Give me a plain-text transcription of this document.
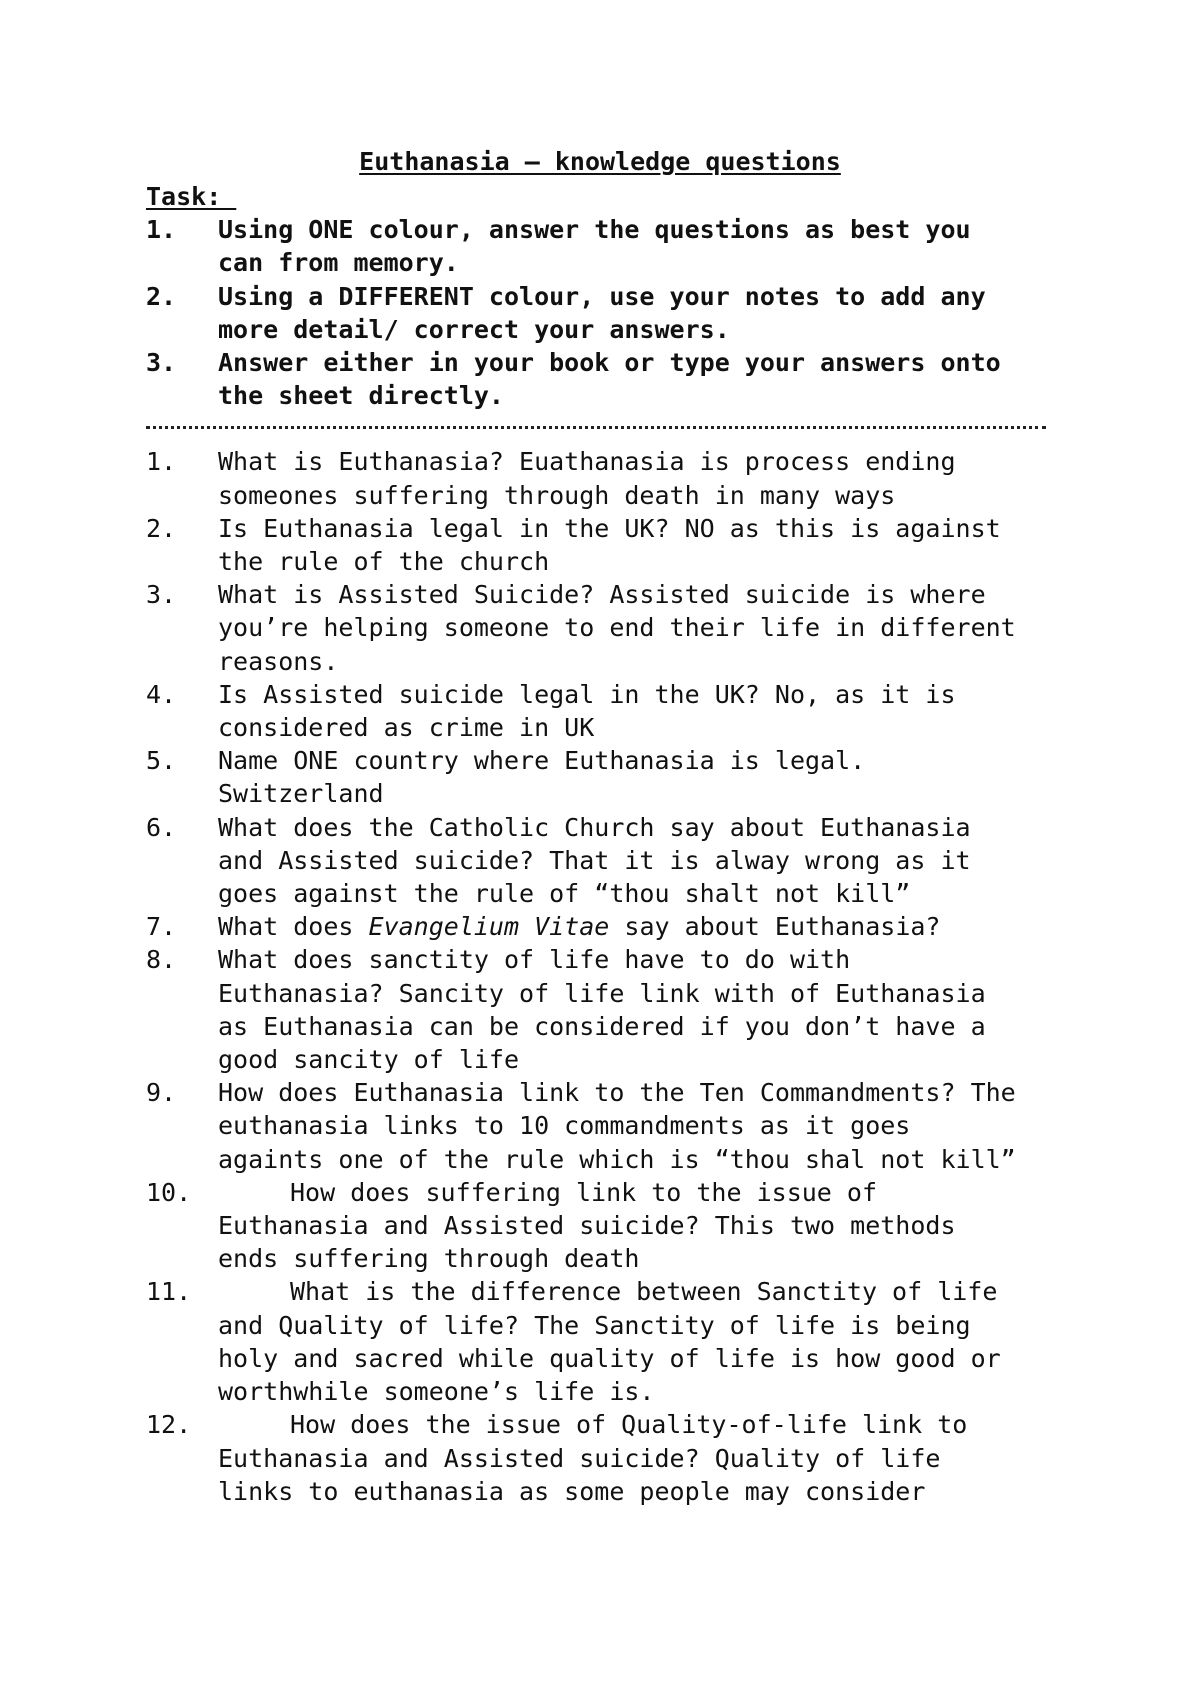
Euthanasia – knowledge questions
Task:
1.	Using ONE colour, answer the questions as best you
can from memory.
2.	Using a DIFFERENT colour, use your notes to add any
more detail/ correct your answers.
3.	Answer either in your book or type your answers onto
the sheet directly.
1.	What is Euthanasia? Euathanasia is process ending
someones suffering through death in many ways
2.	Is Euthanasia legal in the UK? NO as this is against
the rule of the church
3.	What is Assisted Suicide? Assisted suicide is where
you’re helping someone to end their life in different
reasons.
4.	Is Assisted suicide legal in the UK? No, as it is
considered as crime in UK
5.	Name ONE country where Euthanasia is legal.
Switzerland
6.	What does the Catholic Church say about Euthanasia
and Assisted suicide? That it is alway wrong as it
goes against the rule of “thou shalt not kill”
7.	What does Evangelium Vitae say about Euthanasia?
8.	What does sanctity of life have to do with
Euthanasia? Sancity of life link with of Euthanasia
as Euthanasia can be considered if you don’t have a
good sancity of life
9.	How does Euthanasia link to the Ten Commandments? The
euthanasia links to 10 commandments as it goes
againts one of the rule which is “thou shal not kill”
10.	How does suffering link to the issue of
Euthanasia and Assisted suicide? This two methods
ends suffering through death
11.	What is the difference between Sanctity of life
and Quality of life? The Sanctity of life is being
holy and sacred while quality of life is how good or
worthwhile someone’s life is.
12.	How does the issue of Quality-of-life link to
Euthanasia and Assisted suicide? Quality of life
links to euthanasia as some people may consider
